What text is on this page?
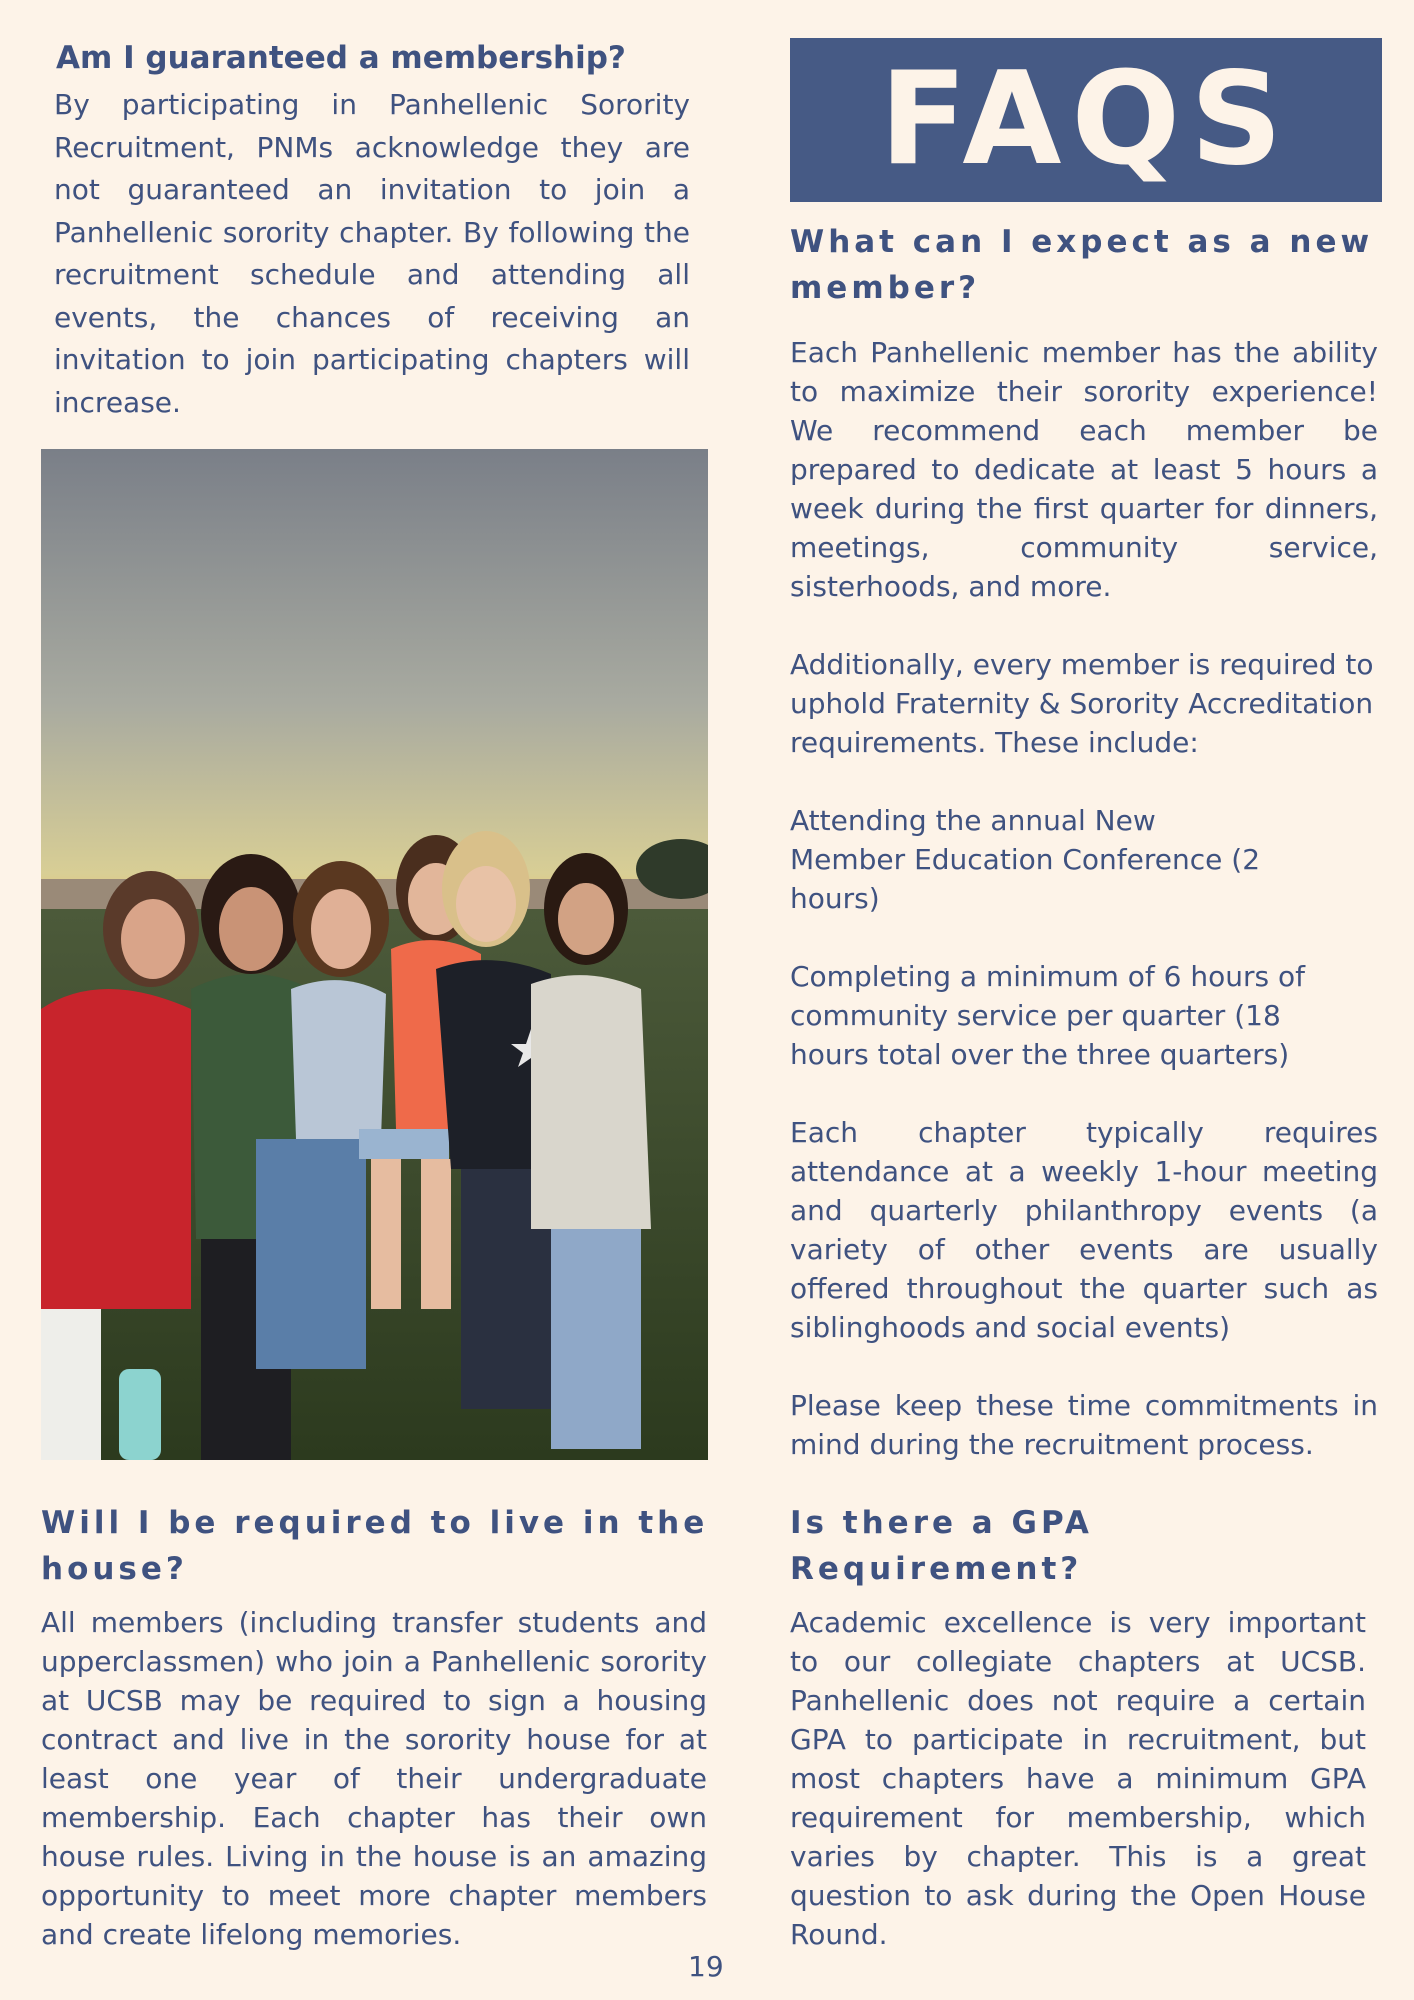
Am I guaranteed a membership?

By participating in Panhellenic Sorority Recruitment, PNMs acknowledge they are not guaranteed an invitation to join a Panhellenic sorority chapter. By following the recruitment schedule and attending all events, the chances of receiving an invitation to join participating chapters will increase.

FAQS
What can I expect as a new member?

Each Panhellenic member has the ability to maximize their sorority experience! We recommend each member be prepared to dedicate at least 5 hours a week during the first quarter for dinners, meetings, community service, sisterhoods, and more.

Additionally, every member is required to uphold Fraternity & Sorority Accreditation requirements. These include:

Attending the annual New Member Education Conference (2 hours)

Completing a minimum of 6 hours of community service per quarter (18 hours total over the three quarters)

Each chapter typically requires attendance at a weekly 1-hour meeting and quarterly philanthropy events (a variety of other events are usually offered throughout the quarter such as siblinghoods and social events)

Please keep these time commitments in mind during the recruitment process.

Will I be required to live in the house?

All members (including transfer students and upperclassmen) who join a Panhellenic sorority at UCSB may be required to sign a housing contract and live in the sorority house for at least one year of their undergraduate membership. Each chapter has their own house rules. Living in the house is an amazing opportunity to meet more chapter members and create lifelong memories.

Is there a GPA Requirement?

Academic excellence is very important to our collegiate chapters at UCSB. Panhellenic does not require a certain GPA to participate in recruitment, but most chapters have a minimum GPA requirement for membership, which varies by chapter. This is a great question to ask during the Open House Round.

19
